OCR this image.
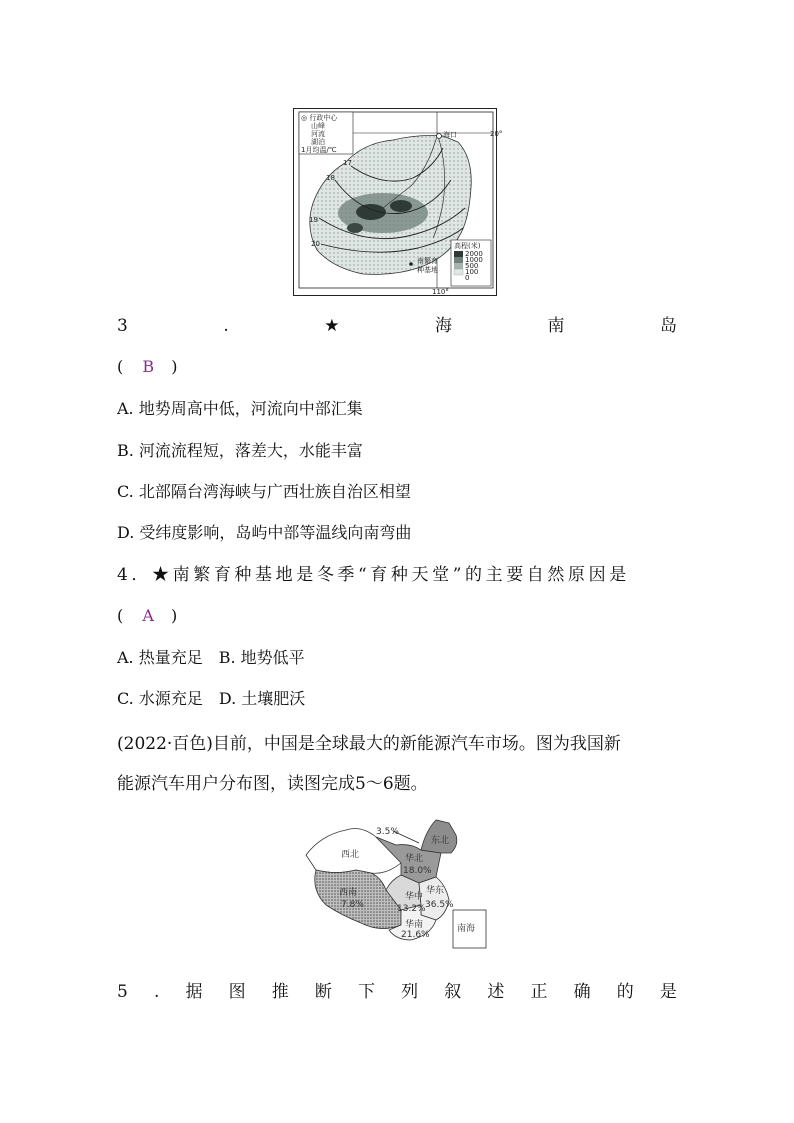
海口	20°
110°
17
18
19
20
南繁育
种基地
◎ 行政中心
山峰
河流
湖泊
1月均温/℃
高程(米)
2000
1000
500
100
0
3	.	★	海	南	岛
( B )
A. 地势周高中低，河流向中部汇集
B. 河流流程短，落差大，水能丰富
C. 北部隔台湾海峡与广西壮族自治区相望
D. 受纬度影响，岛屿中部等温线向南弯曲
4．★南繁育种基地是冬季“育种天堂”的主要自然原因是
( A )
A. 热量充足　B. 地势低平
C. 水源充足　D. 土壤肥沃
(2022·百色)目前，中国是全球最大的新能源汽车市场。图为我国新
能源汽车用户分布图，读图完成5～6题。
3.5%
东北
华北
18.0%
西北
西南
7.8%
华中
13.2%
华东
36.5%
华南
21.6%
南海
5 . 据 图 推 断 下 列 叙 述 正 确 的 是
